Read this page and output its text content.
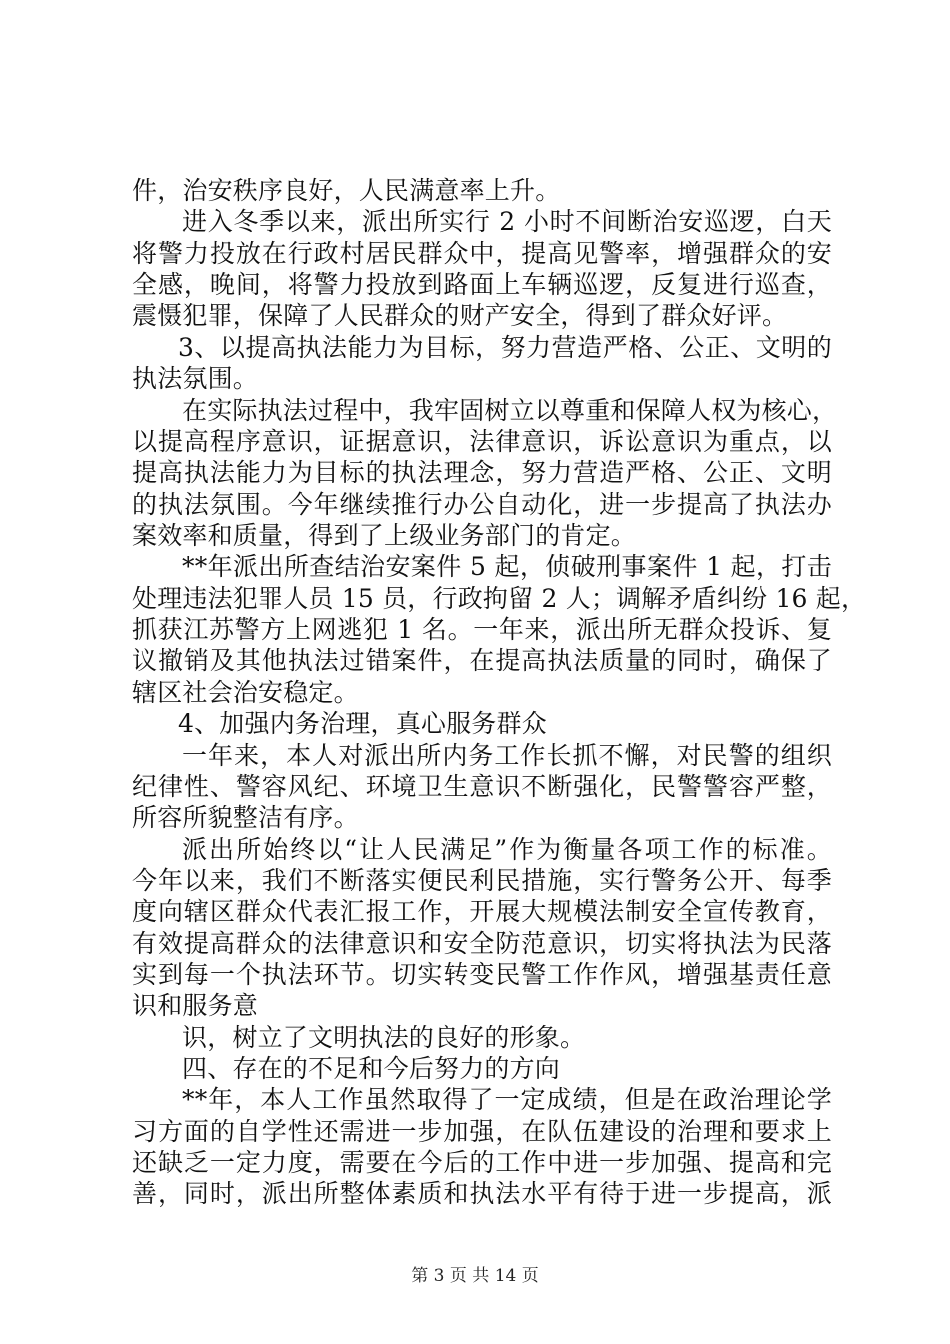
件，治安秩序良好，人民满意率上升。
进入冬季以来，派出所实行 2 小时不间断治安巡逻，白天
将警力投放在行政村居民群众中，提高见警率，增强群众的安
全感，晚间，将警力投放到路面上车辆巡逻，反复进行巡查，
震慑犯罪，保障了人民群众的财产安全，得到了群众好评。
3、以提高执法能力为目标，努力营造严格、公正、文明的
执法氛围。
在实际执法过程中，我牢固树立以尊重和保障人权为核心，
以提高程序意识，证据意识，法律意识，诉讼意识为重点，以
提高执法能力为目标的执法理念，努力营造严格、公正、文明
的执法氛围。今年继续推行办公自动化，进一步提高了执法办
案效率和质量，得到了上级业务部门的肯定。
**年派出所查结治安案件 5 起，侦破刑事案件 1 起，打击
处理违法犯罪人员 15 员，行政拘留 2 人；调解矛盾纠纷 16 起，
抓获江苏警方上网逃犯 1 名。一年来，派出所无群众投诉、复
议撤销及其他执法过错案件，在提高执法质量的同时，确保了
辖区社会治安稳定。
4、加强内务治理，真心服务群众
一年来，本人对派出所内务工作长抓不懈，对民警的组织
纪律性、警容风纪、环境卫生意识不断强化，民警警容严整，
所容所貌整洁有序。
派出所始终以“让人民满足”作为衡量各项工作的标准。
今年以来，我们不断落实便民利民措施，实行警务公开、每季
度向辖区群众代表汇报工作，开展大规模法制安全宣传教育，
有效提高群众的法律意识和安全防范意识，切实将执法为民落
实到每一个执法环节。切实转变民警工作作风，增强基责任意
识和服务意
识，树立了文明执法的良好的形象。
四、存在的不足和今后努力的方向
**年，本人工作虽然取得了一定成绩，但是在政治理论学
习方面的自学性还需进一步加强，在队伍建设的治理和要求上
还缺乏一定力度，需要在今后的工作中进一步加强、提高和完
善，同时，派出所整体素质和执法水平有待于进一步提高，派
第 3 页 共 14 页
